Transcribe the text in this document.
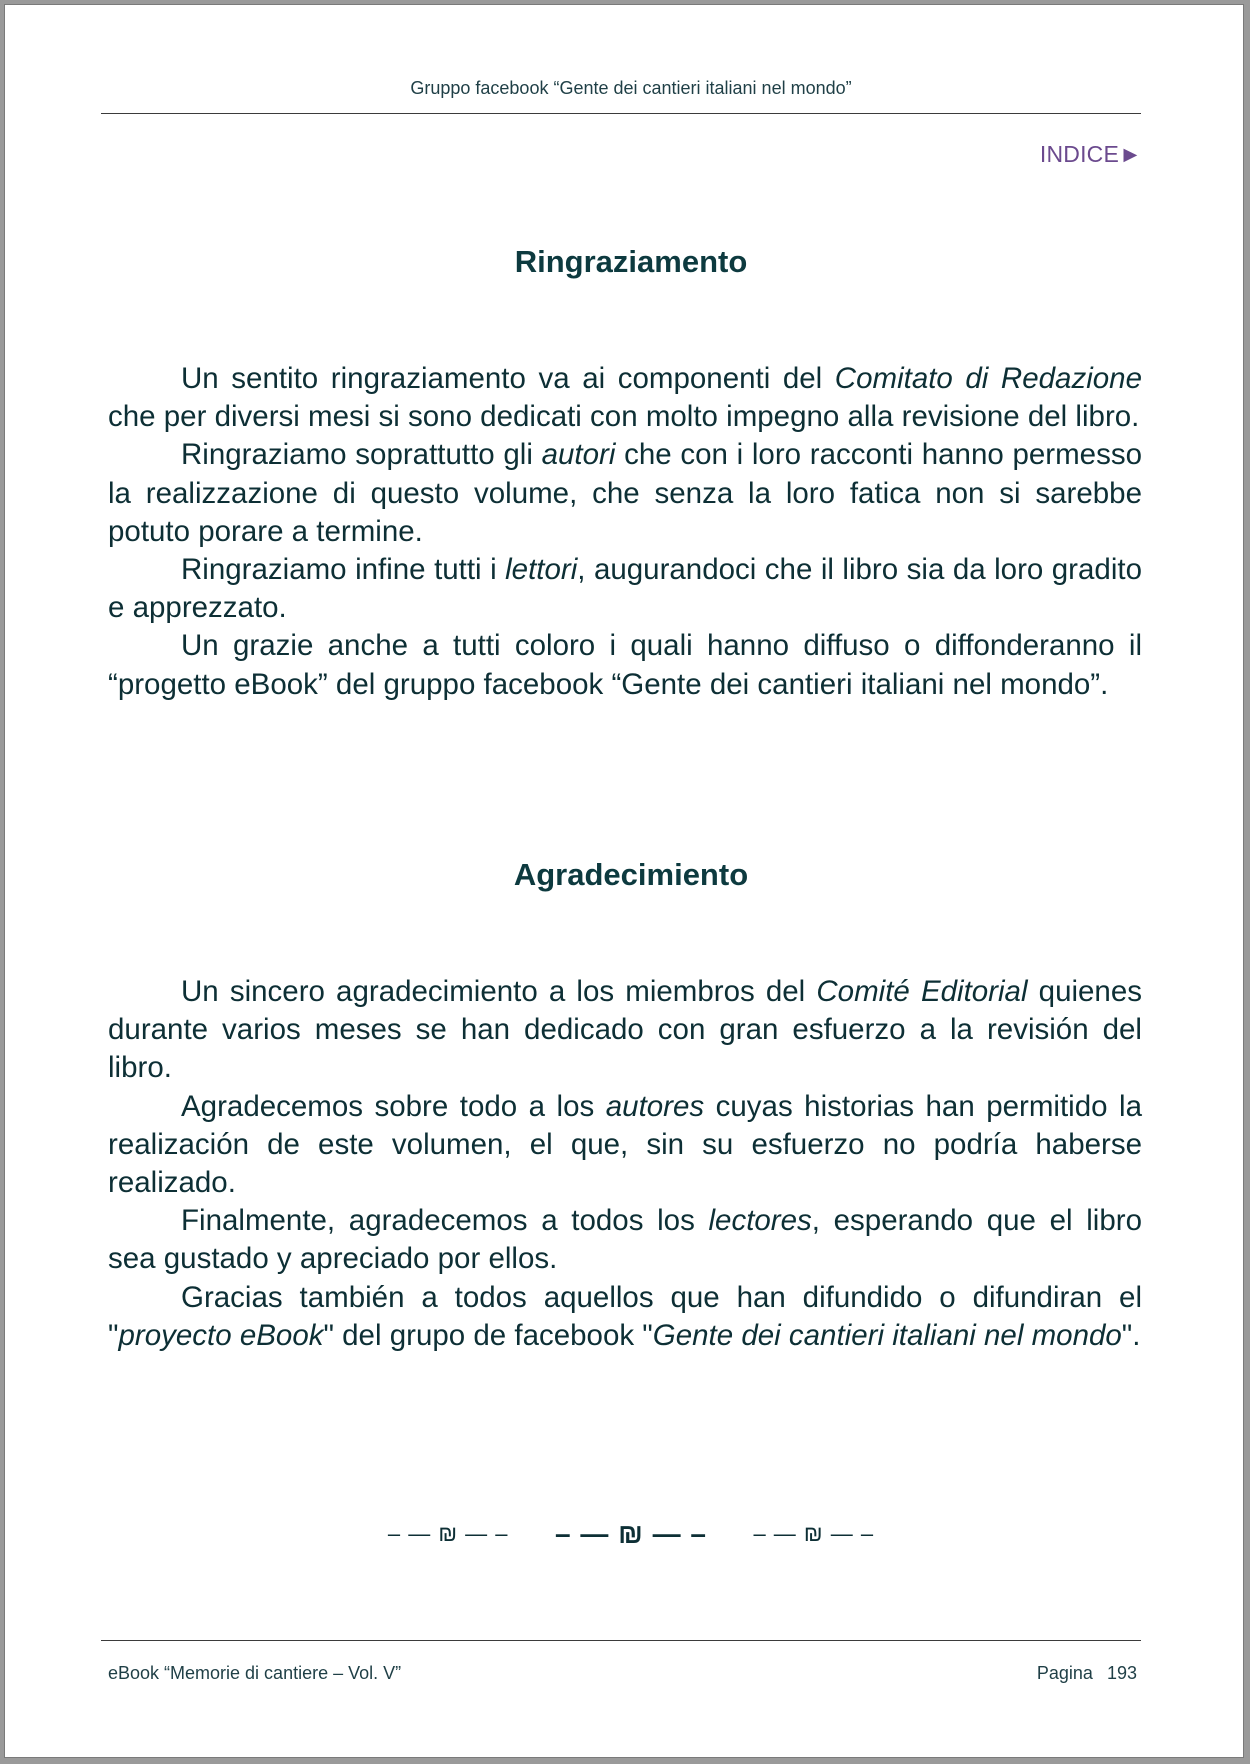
Gruppo facebook “Gente dei cantieri italiani nel mondo”
INDICE►
Ringraziamento

Un sentito ringraziamento va ai componenti del Comitato di Redazione che per diversi mesi si sono dedicati con molto impegno alla revisione del libro.

Ringraziamo soprattutto gli autori che con i loro racconti hanno permesso la realizzazione di questo volume, che senza la loro fatica non si sarebbe potuto porare a termine.

Ringraziamo infine tutti i lettori, augurandoci che il libro sia da loro gradito e apprezzato.

Un grazie anche a tutti coloro i quali hanno diffuso o diffonderanno il “progetto eBook” del gruppo facebook “Gente dei cantieri italiani nel mondo”.

Agradecimiento

Un sincero agradecimiento a los miembros del Comité Editorial quienes durante varios meses se han dedicado con gran esfuerzo a la revisión del libro.

Agradecemos sobre todo a los autores cuyas historias han permitido la realización de este volumen, el que, sin su esfuerzo no podría haberse realizado.

Finalmente, agradecemos a todos los lectores, esperando que el libro sea gustado y apreciado por ellos.

Gracias también a todos aquellos que han difundido o difundiran el "proyecto eBook" del grupo de facebook "Gente dei cantieri italiani nel mondo".

– — ₪ — – – — ₪ — – – — ₪ — –
eBook “Memorie di cantiere – Vol. V”	Pagina 193
